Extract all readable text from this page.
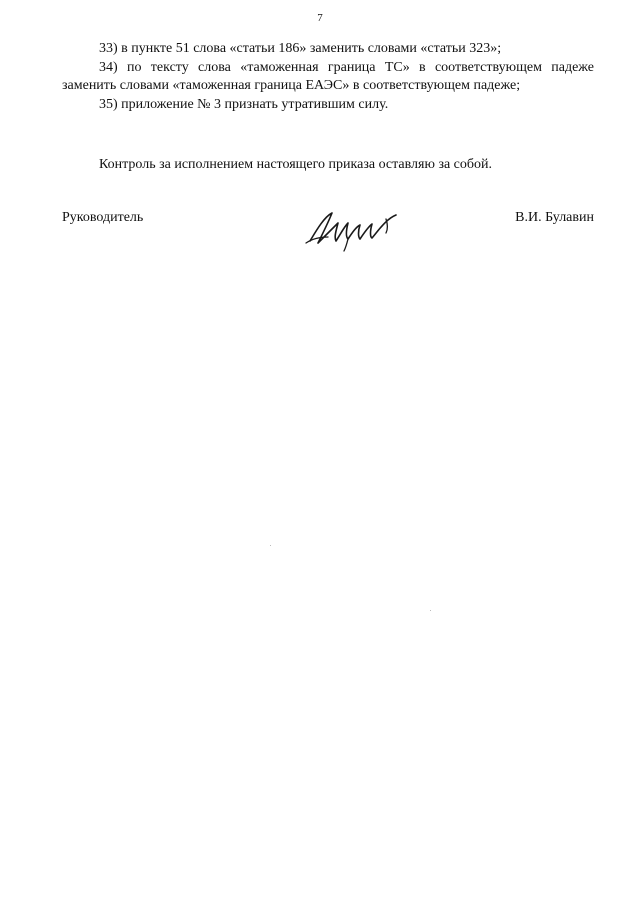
7

33) в пункте 51 слова «статьи 186» заменить словами «статьи 323»;

34) по тексту слова «таможенная граница ТС» в соответствующем падеже заменить словами «таможенная граница ЕАЭС» в соответствующем падеже;

35) приложение № 3 признать утратившим силу.

Контроль за исполнением настоящего приказа оставляю за собой.

Руководитель	В.И. Булавин
